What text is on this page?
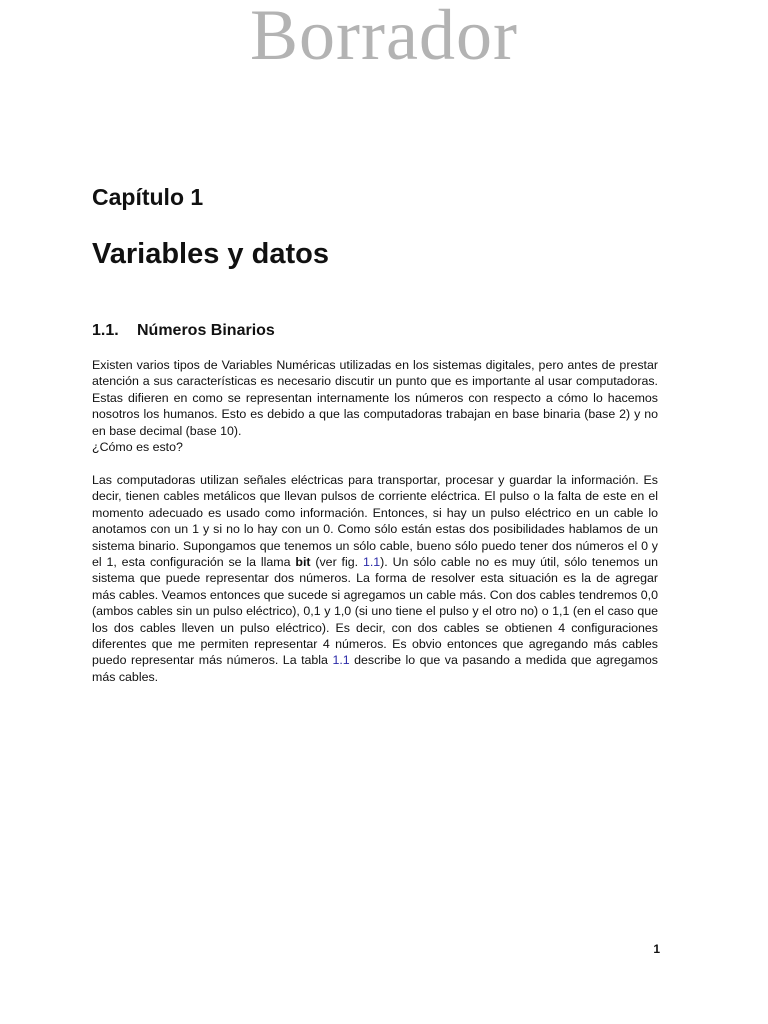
Borrador
Capítulo 1
Variables y datos
1.1. Números Binarios

Existen varios tipos de Variables Numéricas utilizadas en los sistemas digitales, pero antes de prestar atención a sus características es necesario discutir un punto que es importante al usar computadoras. Estas difieren en como se representan internamente los números con respecto a cómo lo hacemos nosotros los humanos. Esto es debido a que las computadoras trabajan en base binaria (base 2) y no en base decimal (base 10).

¿Cómo es esto?

Las computadoras utilizan señales eléctricas para transportar, procesar y guardar la información. Es decir, tienen cables metálicos que llevan pulsos de corriente eléctrica. El pulso o la falta de este en el momento adecuado es usado como información. Entonces, si hay un pulso eléctrico en un cable lo anotamos con un 1 y si no lo hay con un 0. Como sólo están estas dos posibilidades hablamos de un sistema binario. Supongamos que tenemos un sólo cable, bueno sólo puedo tener dos números el 0 y el 1, esta configuración se la llama bit (ver fig. 1.1). Un sólo cable no es muy útil, sólo tenemos un sistema que puede representar dos números. La forma de resolver esta situación es la de agregar más cables. Veamos entonces que sucede si agregamos un cable más. Con dos cables tendremos 0,0 (ambos cables sin un pulso eléctrico), 0,1 y 1,0 (si uno tiene el pulso y el otro no) o 1,1 (en el caso que los dos cables lleven un pulso eléctrico). Es decir, con dos cables se obtienen 4 configuraciones diferentes que me permiten representar 4 números. Es obvio entonces que agregando más cables puedo representar más números. La tabla 1.1 describe lo que va pasando a medida que agregamos más cables.

1
